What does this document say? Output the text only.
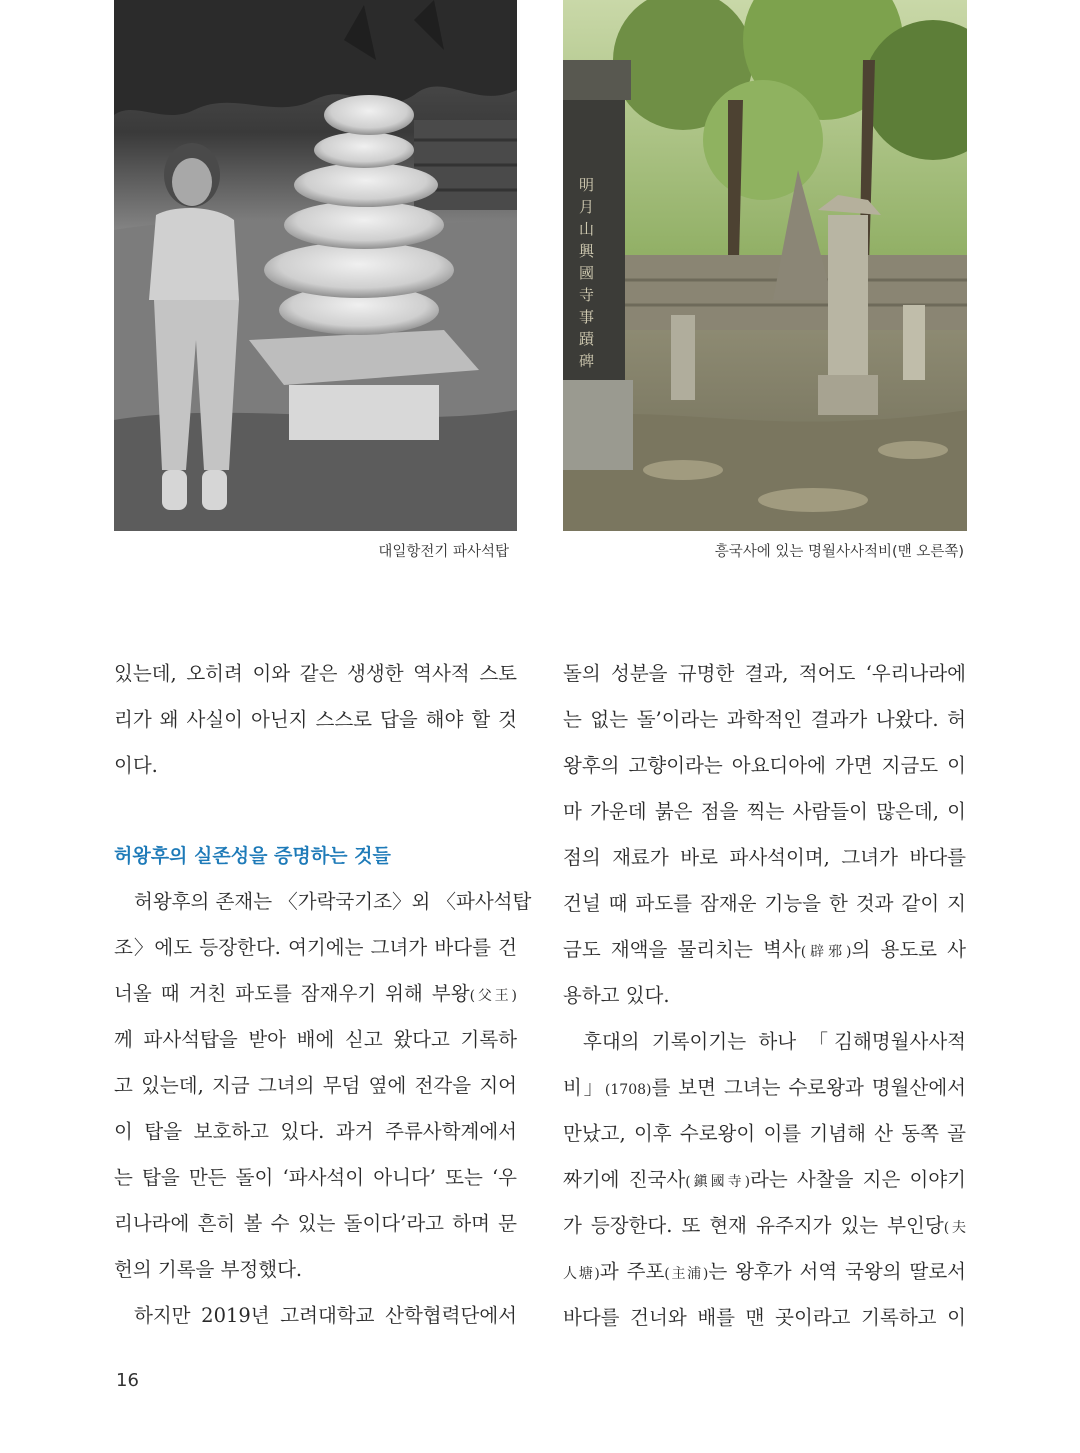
明
月
山
興
國
寺
事
蹟
碑
대일항전기 파사석탑	흥국사에 있는 명월사사적비(맨 오른쪽)
있는데, 오히려 이와 같은 생생한 역사적 스토
리가 왜 사실이 아닌지 스스로 답을 해야 할 것
이다.
허왕후의 실존성을 증명하는 것들
허왕후의 존재는 〈가락국기조〉외 〈파사석탑
조〉에도 등장한다. 여기에는 그녀가 바다를 건
너올 때 거친 파도를 잠재우기 위해 부왕(父王)
께 파사석탑을 받아 배에 싣고 왔다고 기록하
고 있는데, 지금 그녀의 무덤 옆에 전각을 지어
이 탑을 보호하고 있다. 과거 주류사학계에서
는 탑을 만든 돌이 ‘파사석이 아니다’ 또는 ‘우
리나라에 흔히 볼 수 있는 돌이다’라고 하며 문
헌의 기록을 부정했다.
하지만 2019년 고려대학교 산학협력단에서
돌의 성분을 규명한 결과, 적어도 ‘우리나라에
는 없는 돌’이라는 과학적인 결과가 나왔다. 허
왕후의 고향이라는 아요디아에 가면 지금도 이
마 가운데 붉은 점을 찍는 사람들이 많은데, 이
점의 재료가 바로 파사석이며, 그녀가 바다를
건널 때 파도를 잠재운 기능을 한 것과 같이 지
금도 재액을 물리치는 벽사(辟邪)의 용도로 사
용하고 있다.
후대의 기록이기는 하나 「김해명월사사적
비」(1708)를 보면 그녀는 수로왕과 명월산에서
만났고, 이후 수로왕이 이를 기념해 산 동쪽 골
짜기에 진국사(鎭國寺)라는 사찰을 지은 이야기
가 등장한다. 또 현재 유주지가 있는 부인당(夫
人塘)과 주포(主浦)는 왕후가 서역 국왕의 딸로서
바다를 건너와 배를 맨 곳이라고 기록하고 이
16
